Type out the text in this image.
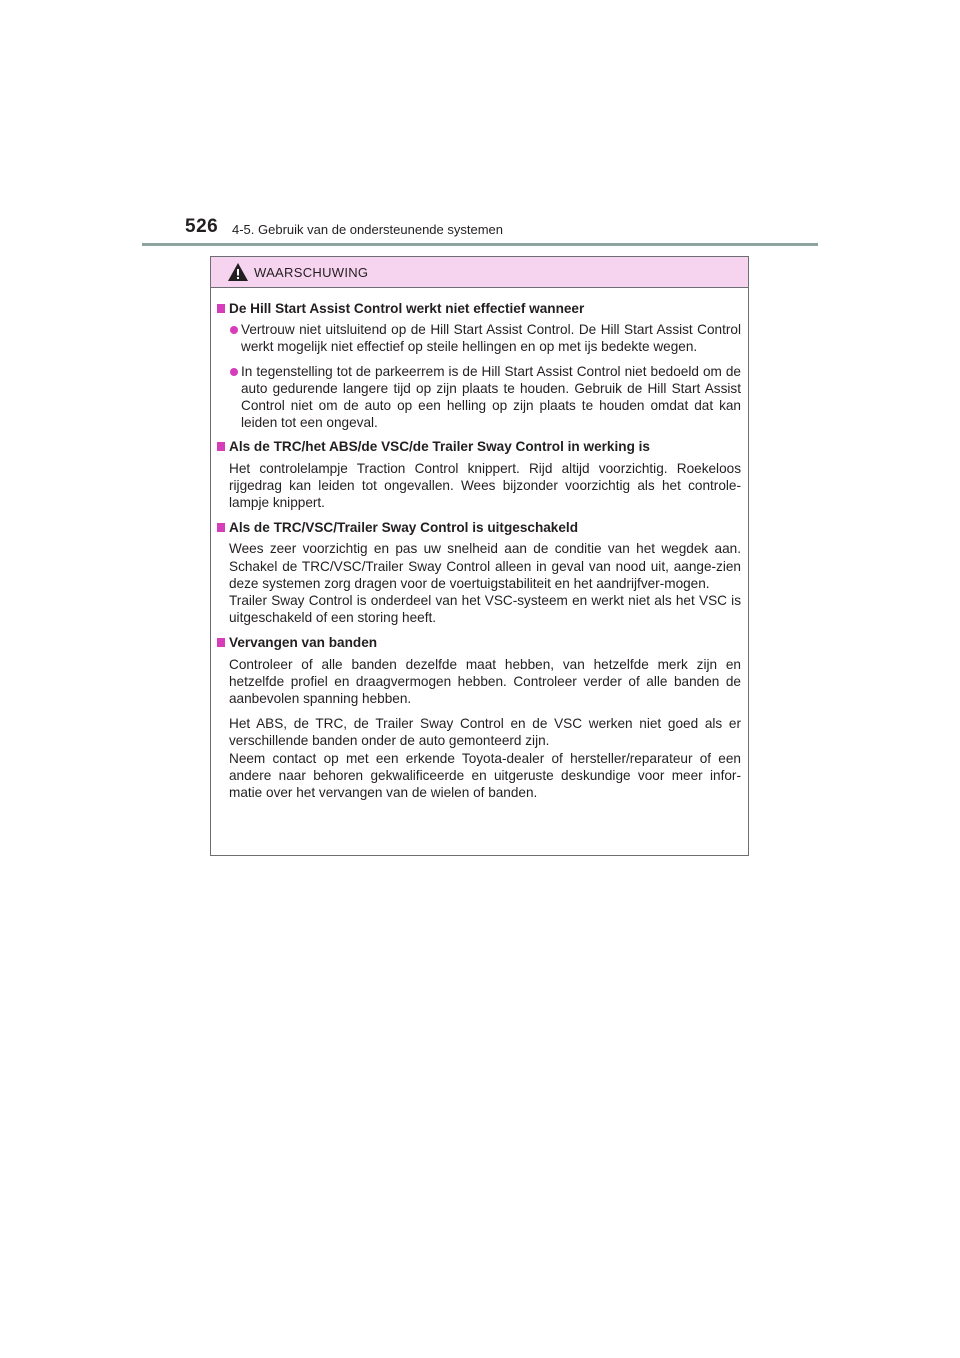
526 4-5. Gebruik van de ondersteunende systemen
WAARSCHUWING
De Hill Start Assist Control werkt niet effectief wanneer
Vertrouw niet uitsluitend op de Hill Start Assist Control. De Hill Start Assist Control werkt mogelijk niet effectief op steile hellingen en op met ijs bedekte wegen.
In tegenstelling tot de parkeerrem is de Hill Start Assist Control niet bedoeld om de auto gedurende langere tijd op zijn plaats te houden. Gebruik de Hill Start Assist Control niet om de auto op een helling op zijn plaats te houden omdat dat kan leiden tot een ongeval.
Als de TRC/het ABS/de VSC/de Trailer Sway Control in werking is
Het controlelampje Traction Control knippert. Rijd altijd voorzichtig. Roekeloos rijgedrag kan leiden tot ongevallen. Wees bijzonder voorzichtig als het controle-lampje knippert.
Als de TRC/VSC/Trailer Sway Control is uitgeschakeld
Wees zeer voorzichtig en pas uw snelheid aan de conditie van het wegdek aan. Schakel de TRC/VSC/Trailer Sway Control alleen in geval van nood uit, aange-zien deze systemen zorg dragen voor de voertuigstabiliteit en het aandrijfver-mogen.
Trailer Sway Control is onderdeel van het VSC-systeem en werkt niet als het VSC is uitgeschakeld of een storing heeft.
Vervangen van banden
Controleer of alle banden dezelfde maat hebben, van hetzelfde merk zijn en hetzelfde profiel en draagvermogen hebben. Controleer verder of alle banden de aanbevolen spanning hebben.
Het ABS, de TRC, de Trailer Sway Control en de VSC werken niet goed als er verschillende banden onder de auto gemonteerd zijn.
Neem contact op met een erkende Toyota-dealer of hersteller/reparateur of een andere naar behoren gekwalificeerde en uitgeruste deskundige voor meer infor-matie over het vervangen van de wielen of banden.
